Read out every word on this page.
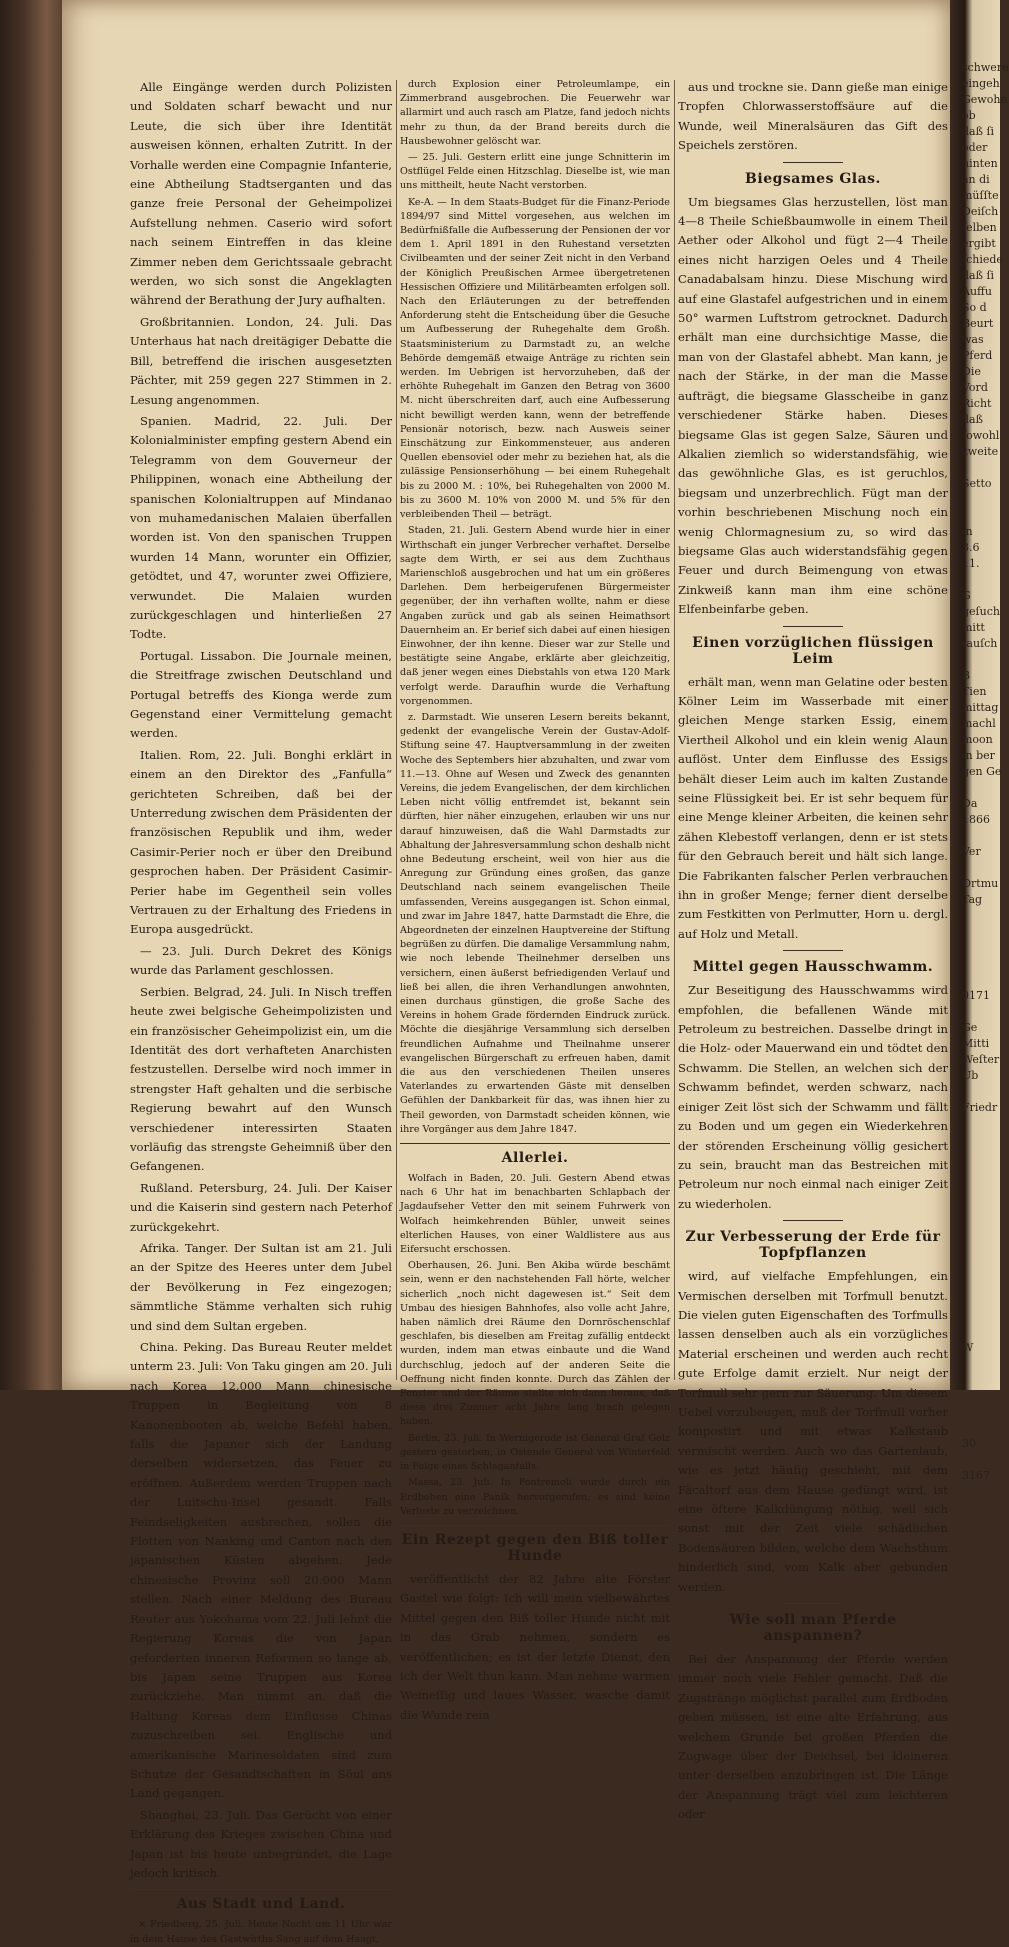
schwere
eingeh
Gewohn
ob
daß ſi
oder
hinten
an di
müſſte
Deiſch
ſelben
ergibt
ſchiede
daß ſi
Auffu
So d
Beurt
was
Pferd
Die
Vord
Richt
daß
ſowohl
zweite

Setto

in
3.6
11.

G
geſuch
mitt
tauſch

B
Tien
mittag
machl
moon
in ber
gen Ge

Da
1866

Ver

Ortmu
Tag

0171

Ge
Mitti
Weſter
Ub

Friedr

W

30

3167

Alle Eingänge werden durch Polizisten und Soldaten scharf bewacht und nur Leute, die sich über ihre Identität ausweisen können, erhalten Zutritt. In der Vorhalle werden eine Compagnie Infanterie, eine Abtheilung Stadtserganten und das ganze freie Personal der Geheimpolizei Aufstellung nehmen. Caserio wird sofort nach seinem Eintreffen in das kleine Zimmer neben dem Gerichtssaale gebracht werden, wo sich sonst die Angeklagten während der Berathung der Jury aufhalten.

Großbritannien. London, 24. Juli. Das Unterhaus hat nach dreitägiger Debatte die Bill, betreffend die irischen ausgesetzten Pächter, mit 259 gegen 227 Stimmen in 2. Lesung angenommen.

Spanien. Madrid, 22. Juli. Der Kolonialminister empfing gestern Abend ein Telegramm von dem Gouverneur der Philippinen, wonach eine Abtheilung der spanischen Kolonialtruppen auf Mindanao von muhamedanischen Malaien überfallen worden ist. Von den spanischen Truppen wurden 14 Mann, worunter ein Offizier, getödtet, und 47, worunter zwei Offiziere, verwundet. Die Malaien wurden zurückgeschlagen und hinterließen 27 Todte.

Portugal. Lissabon. Die Journale meinen, die Streitfrage zwischen Deutschland und Portugal betreffs des Kionga werde zum Gegenstand einer Vermittelung gemacht werden.

Italien. Rom, 22. Juli. Bonghi erklärt in einem an den Direktor des „Fanfulla“ gerichteten Schreiben, daß bei der Unterredung zwischen dem Präsidenten der französischen Republik und ihm, weder Casimir-Perier noch er über den Dreibund gesprochen haben. Der Präsident Casimir-Perier habe im Gegentheil sein volles Vertrauen zu der Erhaltung des Friedens in Europa ausgedrückt.

— 23. Juli. Durch Dekret des Königs wurde das Parlament geschlossen.

Serbien. Belgrad, 24. Juli. In Nisch treffen heute zwei belgische Geheimpolizisten und ein französischer Geheimpolizist ein, um die Identität des dort verhafteten Anarchisten festzustellen. Derselbe wird noch immer in strengster Haft gehalten und die serbische Regierung bewahrt auf den Wunsch verschiedener interessirten Staaten vorläufig das strengste Geheimniß über den Gefangenen.

Rußland. Petersburg, 24. Juli. Der Kaiser und die Kaiserin sind gestern nach Peterhof zurückgekehrt.

Afrika. Tanger. Der Sultan ist am 21. Juli an der Spitze des Heeres unter dem Jubel der Bevölkerung in Fez eingezogen; sämmtliche Stämme verhalten sich ruhig und sind dem Sultan ergeben.

China. Peking. Das Bureau Reuter meldet unterm 23. Juli: Von Taku gingen am 20. Juli nach Korea 12,000 Mann chinesische Truppen in Begleitung von 8 Kanonenbooten ab, welche Befehl haben, falls die Japaner sich der Landung derselben widersetzen, das Feuer zu eröffnen. Außerdem werden Truppen nach der Luitschu-Insel gesandt. Falls Feindseligkeiten ausbrechen, sollen die Flotten von Nanking und Canton nach den japanischen Küsten abgehen. Jede chinesische Provinz soll 20,000 Mann stellen. Nach einer Meldung des Bureau Reuter aus Yokohama vom 22. Juli lehnt die Regierung Koreas die von Japan geforderten inneren Reformen so lange ab, bis Japan seine Truppen aus Korea zurückziehe. Man nimmt an, daß die Haltung Koreas dem Einflusse Chinas zuzuschreiben sei. Englische und amerikanische Marinesoldaten sind zum Schutze der Gesandtschaften in Söul ans Land gegangen.

Shanghai, 23. Juli. Das Gerücht von einer Erklärung des Krieges zwischen China und Japan ist bis heute unbegründet, die Lage jedoch kritisch.

Aus Stadt und Land.

× Friedberg, 25. Juli. Heute Nacht um 11 Uhr war in dem Hause des Gastwirths Sang auf dem Haagt,

durch Explosion einer Petroleumlampe, ein Zimmerbrand ausgebrochen. Die Feuerwehr war allarmirt und auch rasch am Platze, fand jedoch nichts mehr zu thun, da der Brand bereits durch die Hausbewohner gelöscht war.

— 25. Juli. Gestern erlitt eine junge Schnitterin im Ostflügel Felde einen Hitzschlag. Dieselbe ist, wie man uns mittheilt, heute Nacht verstorben.

Ke-A. — In dem Staats-Budget für die Finanz-Periode 1894/97 sind Mittel vorgesehen, aus welchen im Bedürfnißfalle die Aufbesserung der Pensionen der vor dem 1. April 1891 in den Ruhestand versetzten Civilbeamten und der seiner Zeit nicht in den Verband der Königlich Preußischen Armee übergetretenen Hessischen Offiziere und Militärbeamten erfolgen soll. Nach den Erläuterungen zu der betreffenden Anforderung steht die Entscheidung über die Gesuche um Aufbesserung der Ruhegehalte dem Großh. Staatsministerium zu Darmstadt zu, an welche Behörde demgemäß etwaige Anträge zu richten sein werden. Im Uebrigen ist hervorzuheben, daß der erhöhte Ruhegehalt im Ganzen den Betrag von 3600 M. nicht überschreiten darf, auch eine Aufbesserung nicht bewilligt werden kann, wenn der betreffende Pensionär notorisch, bezw. nach Ausweis seiner Einschätzung zur Einkommensteuer, aus anderen Quellen ebensoviel oder mehr zu beziehen hat, als die zulässige Pensionserhöhung — bei einem Ruhegehalt bis zu 2000 M. : 10%, bei Ruhegehalten von 2000 M. bis zu 3600 M. 10% von 2000 M. und 5% für den verbleibenden Theil — beträgt.

Staden, 21. Juli. Gestern Abend wurde hier in einer Wirthschaft ein junger Verbrecher verhaftet. Derselbe sagte dem Wirth, er sei aus dem Zuchthaus Marienschloß ausgebrochen und hat um ein größeres Darlehen. Dem herbeigerufenen Bürgermeister gegenüber, der ihn verhaften wollte, nahm er diese Angaben zurück und gab als seinen Heimathsort Dauernheim an. Er berief sich dabei auf einen hiesigen Einwohner, der ihn kenne. Dieser war zur Stelle und bestätigte seine Angabe, erklärte aber gleichzeitig, daß jener wegen eines Diebstahls von etwa 120 Mark verfolgt werde. Daraufhin wurde die Verhaftung vorgenommen.

z. Darmstadt. Wie unseren Lesern bereits bekannt, gedenkt der evangelische Verein der Gustav-Adolf-Stiftung seine 47. Hauptversammlung in der zweiten Woche des Septembers hier abzuhalten, und zwar vom 11.—13. Ohne auf Wesen und Zweck des genannten Vereins, die jedem Evangelischen, der dem kirchlichen Leben nicht völlig entfremdet ist, bekannt sein dürften, hier näher einzugehen, erlauben wir uns nur darauf hinzuweisen, daß die Wahl Darmstadts zur Abhaltung der Jahresversammlung schon deshalb nicht ohne Bedeutung erscheint, weil von hier aus die Anregung zur Gründung eines großen, das ganze Deutschland nach seinem evangelischen Theile umfassenden, Vereins ausgegangen ist. Schon einmal, und zwar im Jahre 1847, hatte Darmstadt die Ehre, die Abgeordneten der einzelnen Hauptvereine der Stiftung begrüßen zu dürfen. Die damalige Versammlung nahm, wie noch lebende Theilnehmer derselben uns versichern, einen äußerst befriedigenden Verlauf und ließ bei allen, die ihren Verhandlungen anwohnten, einen durchaus günstigen, die große Sache des Vereins in hohem Grade fördernden Eindruck zurück. Möchte die diesjährige Versammlung sich derselben freundlichen Aufnahme und Theilnahme unserer evangelischen Bürgerschaft zu erfreuen haben, damit die aus den verschiedenen Theilen unseres Vaterlandes zu erwartenden Gäste mit denselben Gefühlen der Dankbarkeit für das, was ihnen hier zu Theil geworden, von Darmstadt scheiden können, wie ihre Vorgänger aus dem Jahre 1847.

Allerlei.

Wolfach in Baden, 20. Juli. Gestern Abend etwas nach 6 Uhr hat im benachbarten Schlapbach der Jagdaufseher Vetter den mit seinem Fuhrwerk von Wolfach heimkehrenden Bühler, unweit seines elterlichen Hauses, von einer Waldlistere aus aus Eifersucht erschossen.

Oberhausen, 26. Juni. Ben Akiba würde beschämt sein, wenn er den nachstehenden Fall hörte, welcher sicherlich „noch nicht dagewesen ist.“ Seit dem Umbau des hiesigen Bahnhofes, also volle acht Jahre, haben nämlich drei Räume den Dornröschenschlaf geschlafen, bis dieselben am Freitag zufällig entdeckt wurden, indem man etwas einbaute und die Wand durchschlug, jedoch auf der anderen Seite die Oeffnung nicht finden konnte. Durch das Zählen der Fenster und der Räume stellte sich dann heraus, daß diese drei Zimmer acht Jahre lang brach gelegen haben.

Berlin, 23. Juli. In Wernigerode ist General Graf Golz gestern gestorben, in Ostende General von Winterfeld in Folge eines Schlaganfalls.

Massa, 23. Juli. In Pontremoli wurde durch ein Erdbeben eine Panik hervorgerufen; es sind keine Verluste zu verzeichnen.

Ein Rezept gegen den Biß toller Hunde

veröffentlicht der 82 Jahre alte Förster Gastel wie folgt: Ich will mein vielbewährtes Mittel gegen den Biß toller Hunde nicht mit in das Grab nehmen, sondern es veröffentlichen; es ist der letzte Dienst, den ich der Welt thun kann. Man nehme warmen Weineſſig und laues Wasser, wasche damit die Wunde rein

aus und trockne sie. Dann gieße man einige Tropfen Chlorwasserstoffsäure auf die Wunde, weil Mineralsäuren das Gift des Speichels zerstören.

Biegsames Glas.

Um biegsames Glas herzustellen, löst man 4—8 Theile Schießbaumwolle in einem Theil Aether oder Alkohol und fügt 2—4 Theile eines nicht harzigen Oeles und 4 Theile Canadabalsam hinzu. Diese Mischung wird auf eine Glastafel aufgestrichen und in einem 50° warmen Luftstrom getrocknet. Dadurch erhält man eine durchsichtige Masse, die man von der Glastafel abhebt. Man kann, je nach der Stärke, in der man die Masse aufträgt, die biegsame Glasscheibe in ganz verschiedener Stärke haben. Dieses biegsame Glas ist gegen Salze, Säuren und Alkalien ziemlich so widerstandsfähig, wie das gewöhnliche Glas, es ist geruchlos, biegsam und unzerbrechlich. Fügt man der vorhin beschriebenen Mischung noch ein wenig Chlormagnesium zu, so wird das biegsame Glas auch widerstandsfähig gegen Feuer und durch Beimengung von etwas Zinkweiß kann man ihm eine schöne Elfenbeinfarbe geben.

Einen vorzüglichen flüssigen Leim

erhält man, wenn man Gelatine oder besten Kölner Leim im Wasserbade mit einer gleichen Menge starken Essig, einem Viertheil Alkohol und ein klein wenig Alaun auflöst. Unter dem Einflusse des Essigs behält dieser Leim auch im kalten Zustande seine Flüssigkeit bei. Er ist sehr bequem für eine Menge kleiner Arbeiten, die keinen sehr zähen Klebestoff verlangen, denn er ist stets für den Gebrauch bereit und hält sich lange. Die Fabrikanten falscher Perlen verbrauchen ihn in großer Menge; ferner dient derselbe zum Festkitten von Perlmutter, Horn u. dergl. auf Holz und Metall.

Mittel gegen Hausschwamm.

Zur Beseitigung des Hausschwamms wird empfohlen, die befallenen Wände mit Petroleum zu bestreichen. Dasselbe dringt in die Holz- oder Mauerwand ein und tödtet den Schwamm. Die Stellen, an welchen sich der Schwamm befindet, werden schwarz, nach einiger Zeit löst sich der Schwamm und fällt zu Boden und um gegen ein Wiederkehren der störenden Erscheinung völlig gesichert zu sein, braucht man das Bestreichen mit Petroleum nur noch einmal nach einiger Zeit zu wiederholen.

Zur Verbesserung der Erde für Topfpflanzen

wird, auf vielfache Empfehlungen, ein Vermischen derselben mit Torfmull benutzt. Die vielen guten Eigenschaften des Torfmulls lassen denselben auch als ein vorzügliches Material erscheinen und werden auch recht gute Erfolge damit erzielt. Nur neigt der Torfmull sehr gern zur Säuerung. Um diesem Uebel vorzubeugen, muß der Torfmull vorher kompostirt und mit etwas Kalkstaub vermischt werden. Auch wo das Gartenlaub, wie es jetzt häufig geschieht, mit dem Fäcaltorf aus dem Hause gedüngt wird, ist eine öftere Kalkdüngung nöthig, weil sich sonst mit der Zeit viele schädlichen Bodensäuren bilden, welche dem Wachsthum hinderlich sind, vom Kalk aber gebunden werden.

Wie soll man Pferde anspannen?

Bei der Anspannung der Pferde werden immer noch viele Fehler gemacht. Daß die Zugstränge möglichst parallel zum Erdboden gehen müssen, ist eine alte Erfahrung, aus welchem Grunde bei großen Pferden die Zugwage über der Deichsel, bei kleineren unter derselben anzubringen ist. Die Länge der Anspannung trägt viel zum leichteren oder
